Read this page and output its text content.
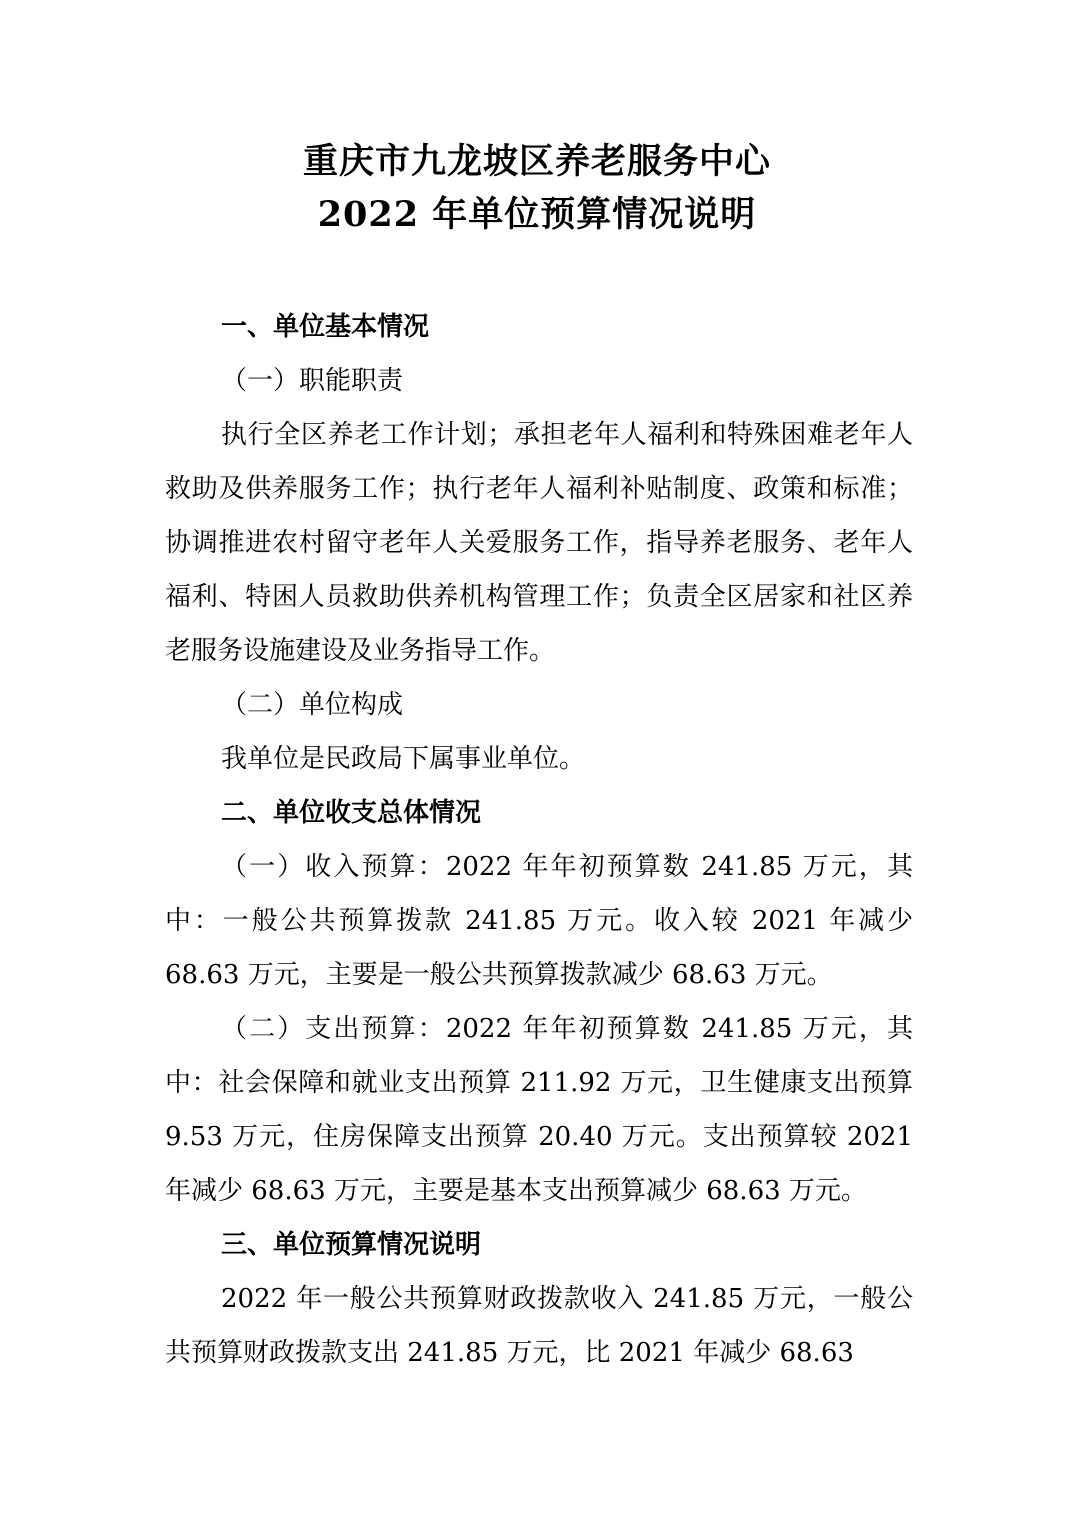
重庆市九龙坡区养老服务中心
2022 年单位预算情况说明

一、单位基本情况

（一）职能职责

执行全区养老工作计划；承担老年人福利和特殊困难老年人救助及供养服务工作；执行老年人福利补贴制度、政策和标准；协调推进农村留守老年人关爱服务工作，指导养老服务、老年人福利、特困人员救助供养机构管理工作；负责全区居家和社区养老服务设施建设及业务指导工作。

（二）单位构成

我单位是民政局下属事业单位。

二、单位收支总体情况

（一）收入预算：2022 年年初预算数 241.85 万元，其中：一般公共预算拨款 241.85 万元。收入较 2021 年减少 68.63 万元，主要是一般公共预算拨款减少 68.63 万元。

（二）支出预算：2022 年年初预算数 241.85 万元，其中：社会保障和就业支出预算 211.92 万元，卫生健康支出预算 9.53 万元，住房保障支出预算 20.40 万元。支出预算较 2021 年减少 68.63 万元，主要是基本支出预算减少 68.63 万元。

三、单位预算情况说明

2022 年一般公共预算财政拨款收入 241.85 万元，一般公共预算财政拨款支出 241.85 万元，比 2021 年减少 68.63
